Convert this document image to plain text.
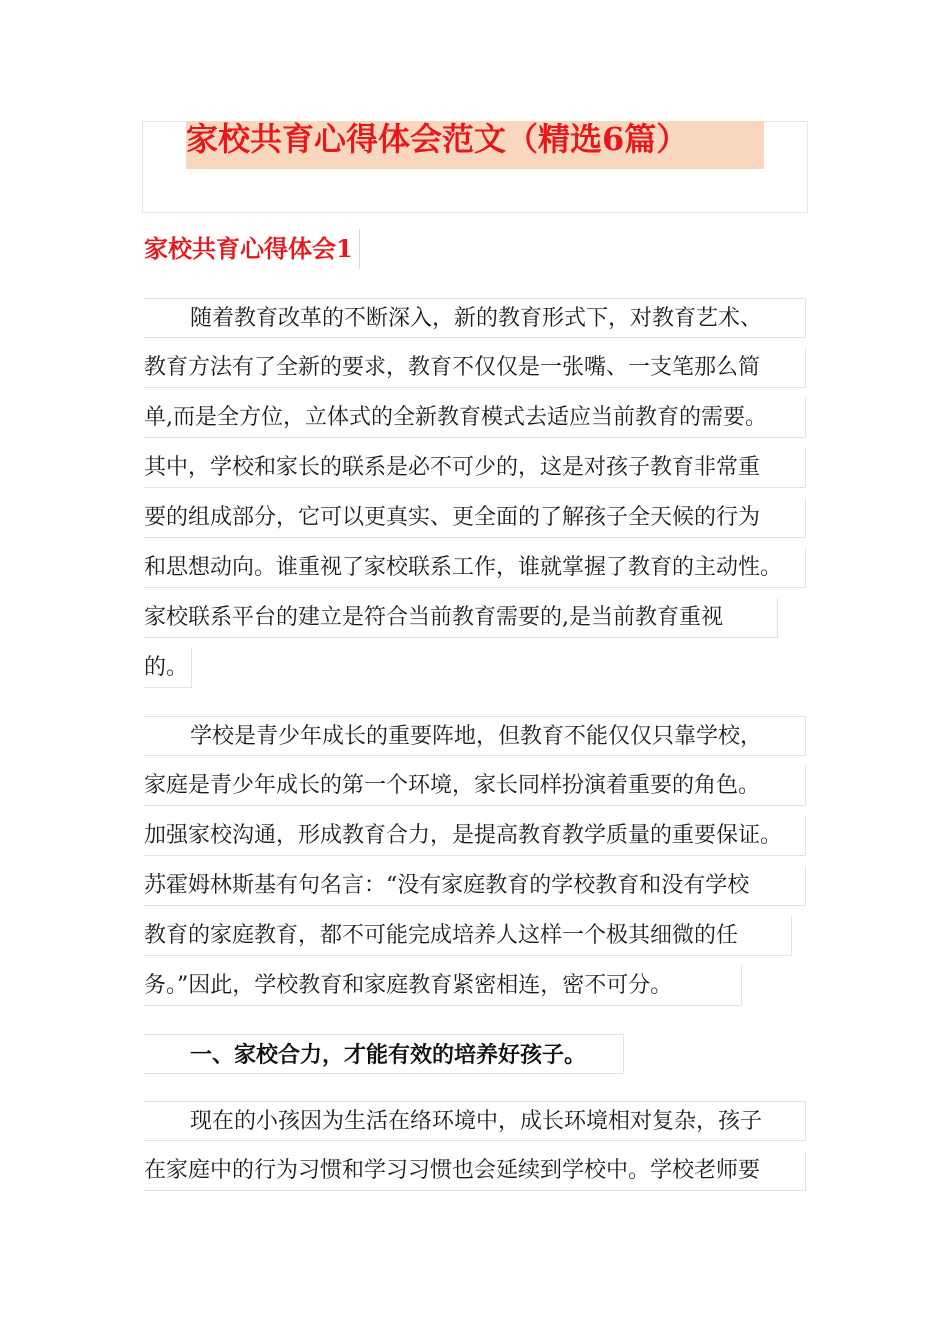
家校共育心得体会范文（精选6篇）
家校共育心得体会1
随着教育改革的不断深入，新的教育形式下，对教育艺术、
教育方法有了全新的要求，教育不仅仅是一张嘴、一支笔那么简
单,而是全方位，立体式的全新教育模式去适应当前教育的需要。
其中，学校和家长的联系是必不可少的，这是对孩子教育非常重
要的组成部分，它可以更真实、更全面的了解孩子全天候的行为
和思想动向。谁重视了家校联系工作，谁就掌握了教育的主动性。
家校联系平台的建立是符合当前教育需要的,是当前教育重视
的。
学校是青少年成长的重要阵地，但教育不能仅仅只靠学校，
家庭是青少年成长的第一个环境，家长同样扮演着重要的角色。
加强家校沟通，形成教育合力，是提高教育教学质量的重要保证。
苏霍姆林斯基有句名言：“没有家庭教育的学校教育和没有学校
教育的家庭教育，都不可能完成培养人这样一个极其细微的任
务。”因此，学校教育和家庭教育紧密相连，密不可分。
一、家校合力，才能有效的培养好孩子。
现在的小孩因为生活在络环境中，成长环境相对复杂，孩子
在家庭中的行为习惯和学习习惯也会延续到学校中。学校老师要
